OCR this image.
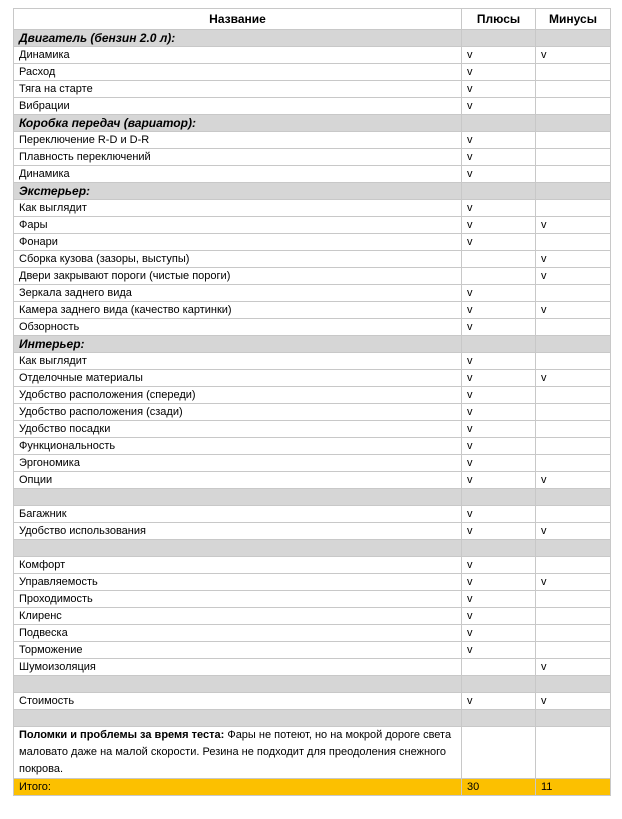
Название	Плюсы	Минусы
Двигатель (бензин 2.0 л):		
Динамика	v	v
Расход	v	
Тяга на старте	v	
Вибрации	v	
Коробка передач (вариатор):		
Переключение R-D и D-R	v	
Плавность переключений	v	
Динамика	v	
Экстерьер:		
Как выглядит	v	
Фары	v	v
Фонари	v	
Сборка кузова (зазоры, выступы)		v
Двери закрывают пороги (чистые пороги)		v
Зеркала заднего вида	v	
Камера заднего вида (качество картинки)	v	v
Обзорность	v	
Интерьер:		
Как выглядит	v	
Отделочные материалы	v	v
Удобство расположения (спереди)	v	
Удобство расположения (сзади)	v	
Удобство посадки	v	
Функциональность	v	
Эргономика	v	
Опции	v	v

Багажник	v	
Удобство использования	v	v

Комфорт	v	
Управляемость	v	v
Проходимость	v	
Клиренс	v	
Подвеска	v	
Торможение	v	
Шумоизоляция		v

Стоимость	v	v

Поломки и проблемы за время теста: Фары не потеют, но на мокрой дороге света маловато даже на малой скорости. Резина не подходит для преодоления снежного покрова.		
Итого:	30	11
